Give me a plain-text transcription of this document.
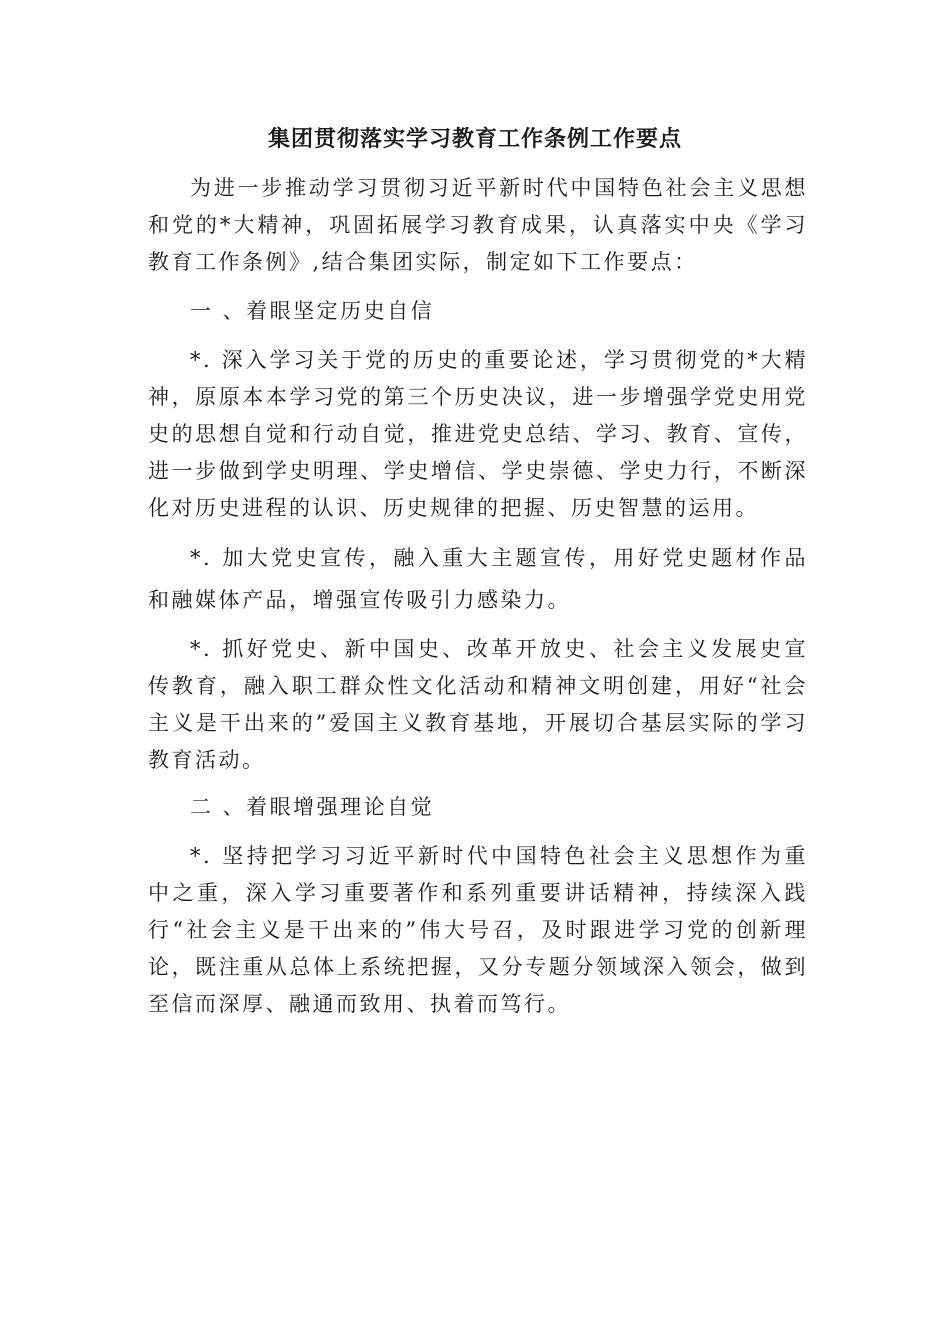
集团贯彻落实学习教育工作条例工作要点

为进一步推动学习贯彻习近平新时代中国特色社会主义思想和党的*大精神，巩固拓展学习教育成果，认真落实中央《学习教育工作条例》,结合集团实际，制定如下工作要点：

一 、着眼坚定历史自信

*. 深入学习关于党的历史的重要论述，学习贯彻党的*大精神，原原本本学习党的第三个历史决议，进一步增强学党史用党史的思想自觉和行动自觉，推进党史总结、学习、教育、宣传，进一步做到学史明理、学史增信、学史崇德、学史力行，不断深化对历史进程的认识、历史规律的把握、历史智慧的运用。

*. 加大党史宣传，融入重大主题宣传，用好党史题材作品和融媒体产品，增强宣传吸引力感染力。

*. 抓好党史、新中国史、改革开放史、社会主义发展史宣传教育，融入职工群众性文化活动和精神文明创建，用好“社会主义是干出来的”爱国主义教育基地，开展切合基层实际的学习教育活动。

二 、着眼增强理论自觉

*. 坚持把学习习近平新时代中国特色社会主义思想作为重中之重，深入学习重要著作和系列重要讲话精神，持续深入践行“社会主义是干出来的”伟大号召，及时跟进学习党的创新理论，既注重从总体上系统把握，又分专题分领域深入领会，做到至信而深厚、融通而致用、执着而笃行。
